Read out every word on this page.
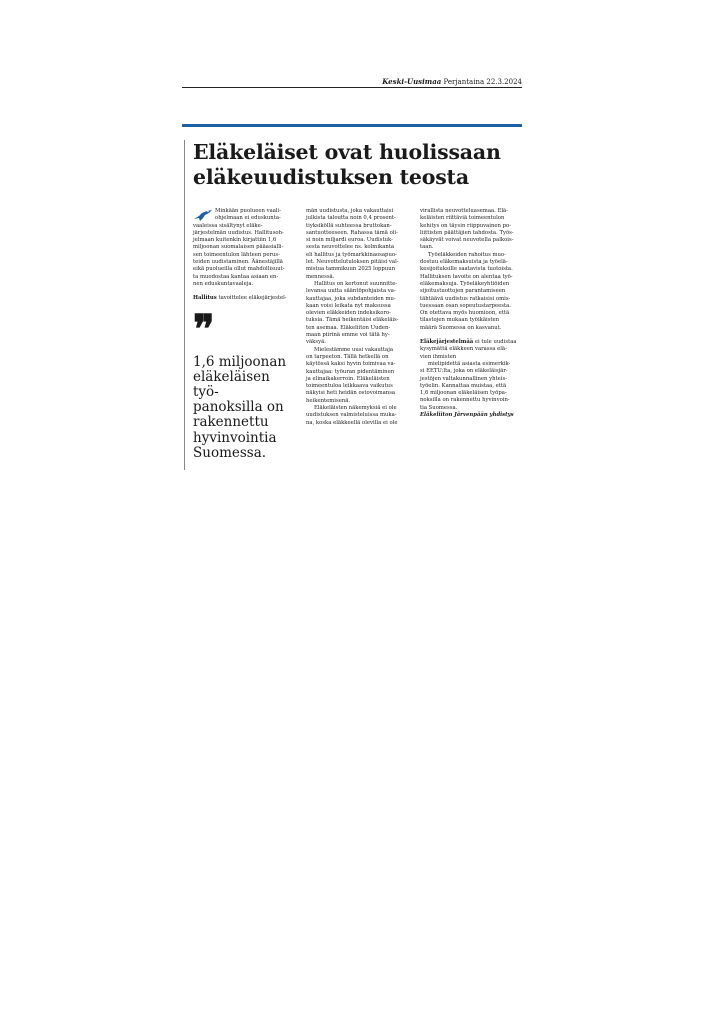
Keski-Uusimaa Perjantaina 22.3.2024
Eläkeläiset ovat huolissaan
eläkeuudistuksen teosta

Minkään puolueen vaali-
ohjelmaan ei eduskunta-
vaaleissa sisältynyt eläke-
järjestelmän uudistus. Hallitusoh-
jelmaan kuitenkin kirjattiin 1,6
miljoonan suomalaisen pääasialli-
sen toimeentulon lähteen perus-
teiden uudistaminen. Äänestäjillä
eikä puolueilla ollut mahdollisuut-
ta muodostaa kantaa asiaan en-
nen eduskuntavaaleja.

Hallitus tavoittelee eläkejärjestel-

❞
1,6 miljoonan
eläkeläisen työ-
panoksilla on
rakennettu
hyvinvointia
Suomessa.

män uudistusta, joka vakauttaisi
julkista taloutta noin 0,4 prosent-
tiyksiköllä suhteessa bruttokan-
santuotteeseen. Rahassa tämä oli-
si noin miljardi euroa. Uudistuk-
sesta neuvottelee ns. kolmikanta
eli hallitus ja työmarkkinaosapuo-
let. Neuvottelutuloksen pitäisi val-
mistua tammikuun 2025 loppuun
mennessä.

Hallitus on kertonut suunnitte-
levansa uutta sääntöpohjaista va-
kauttajaa, joka subdanteiden mu-
kaan voisi leikata nyt maksussa
olevien eläkkeiden indeksikoro-
tuksia. Tämä heikentäisi eläkeläis-
ten asemaa. Eläkeliiton Uuden-
maan piirinä emme voi tätä hy-
väksyä.

Mielestämme uusi vakauttaja
on tarpeeton. Tällä hetkellä on
käytössä kaksi hyvin toimivaa va-
kauttajaa: työuran pidentäminen
ja elinaikakerroin. Eläkeläisten
toimeentuloa leikkaava vaikutus
näkyisi heti heidän ostovoimansa
heikentemisenä.

Eläkeläisten näkemyksiä ei ole
uudistuksen valmisteluissa muka-
na, koska eläkkeellä olevilla ei ole

virallista neuvotteluasemaa. Elä-
keläisten riittäviä toimeentulon
kehitys on täysin riippuvainen po-
liittisten päättäjien tahdosta. Työs-
säkäyvät voivat neuvotella palkois-
taan.

Työeläkkeiden rahoitus muo-
dostuu eläkemaksuista ja työelä-
kesijoituksille saatavista tuotoista.
Hallituksen tavoite on alentaa työ-
eläkemaksuja. Työeläkeyhtiöiden
sijoitustuottojen parantamiseen
tähtäävä uudistus ratkaisisi omis-
tuessaan osan sopeutustarpeesta.
On otettava myös huomioon, että
tilastojen mukaan työikäisten
määrä Suomessa on kasvanut.

Eläkejärjestelmää ei tule uudistaa
kysymättä eläkkeen varassa elä-
vien ihmisten

mielipidettä asiasta esimerkik-
si EETU:lta, joka on eläkeläisjär-
jestöjen valtakunnallinen yhteis-
työelin. Kannattaa muistaa, että
1,6 miljoonan eläkeläisen työpa-
noksilla on rakennettu hyvinvoin-
tia Suomessa.

Eläkeliiton Järvenpään yhdistys
